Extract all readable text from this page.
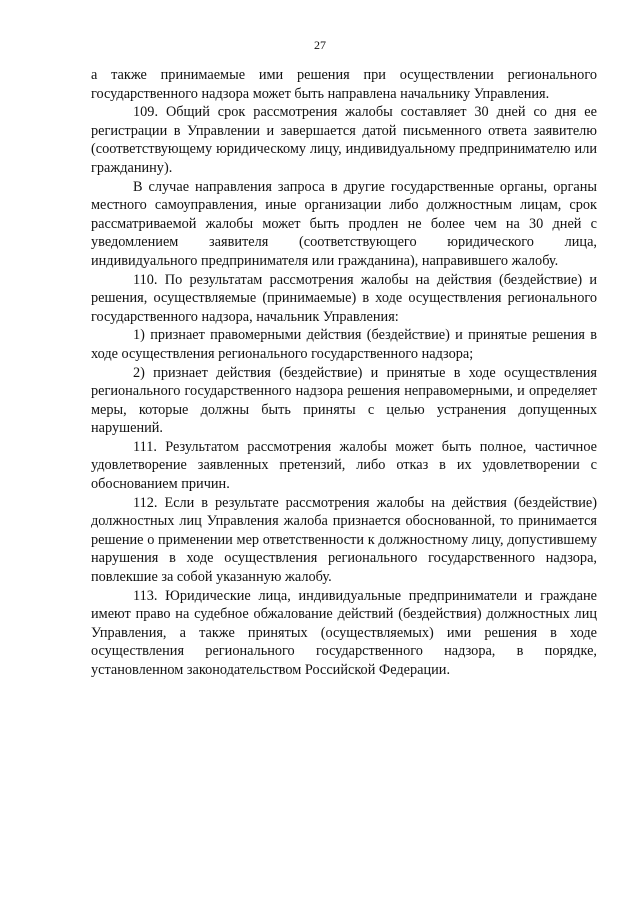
27

а также принимаемые ими решения при осуществлении регионального государственного надзора может быть направлена начальнику Управления.

109. Общий срок рассмотрения жалобы составляет 30 дней со дня ее регистрации в Управлении и завершается датой письменного ответа заявителю (соответствующему юридическому лицу, индивидуальному предпринимателю или гражданину).

В случае направления запроса в другие государственные органы, органы местного самоуправления, иные организации либо должностным лицам, срок рассматриваемой жалобы может быть продлен не более чем на 30 дней с уведомлением заявителя (соответствующего юридического лица, индивидуального предпринимателя или гражданина), направившего жалобу.

110. По результатам рассмотрения жалобы на действия (бездействие) и решения, осуществляемые (принимаемые) в ходе осуществления регионального государственного надзора, начальник Управления:

1) признает правомерными действия (бездействие) и принятые решения в ходе осуществления регионального государственного надзора;

2) признает действия (бездействие) и принятые в ходе осуществления регионального государственного надзора решения неправомерными, и определяет меры, которые должны быть приняты с целью устранения допущенных нарушений.

111. Результатом рассмотрения жалобы может быть полное, частичное удовлетворение заявленных претензий, либо отказ в их удовлетворении с обоснованием причин.

112. Если в результате рассмотрения жалобы на действия (бездействие) должностных лиц Управления жалоба признается обоснованной, то принимается решение о применении мер ответственности к должностному лицу, допустившему нарушения в ходе осуществления регионального государственного надзора, повлекшие за собой указанную жалобу.

113. Юридические лица, индивидуальные предприниматели и граждане имеют право на судебное обжалование действий (бездействия) должностных лиц Управления, а также принятых (осуществляемых) ими решения в ходе осуществления регионального государственного надзора, в порядке, установленном законодательством Российской Федерации.
